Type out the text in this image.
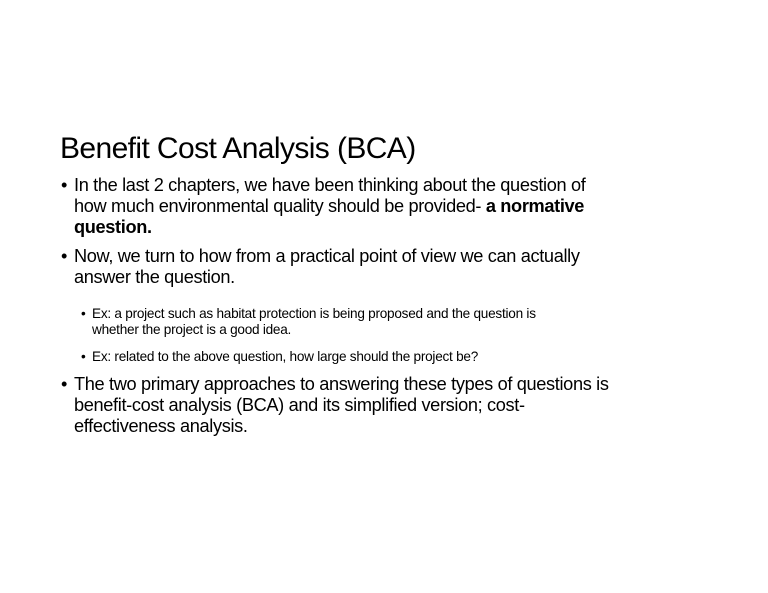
Benefit Cost Analysis (BCA)
• In the last 2 chapters, we have been thinking about the question of
how much environmental quality should be provided- a normative
question.
• Now, we turn to how from a practical point of view we can actually
answer the question.
• Ex: a project such as habitat protection is being proposed and the question is
whether the project is a good idea.
• Ex: related to the above question, how large should the project be?
• The two primary approaches to answering these types of questions is
benefit-cost analysis (BCA) and its simplified version; cost-
effectiveness analysis.
